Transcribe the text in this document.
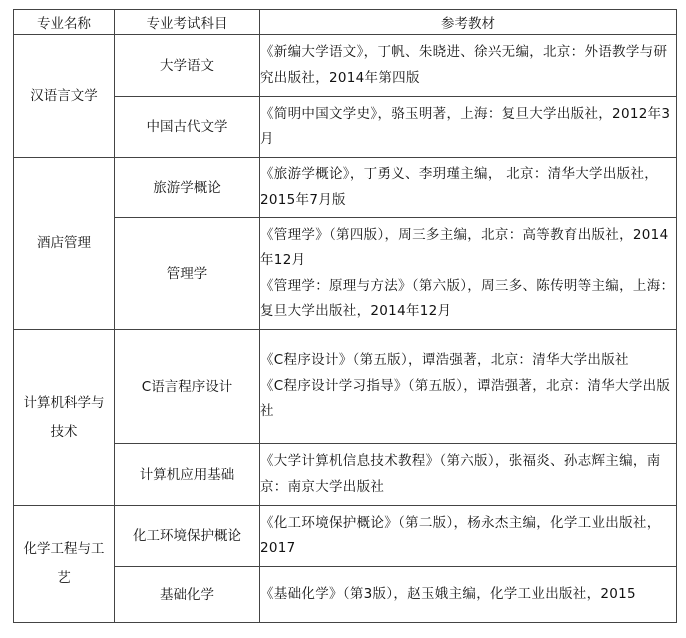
专业名称	专业考试科目	参考教材

汉语言文学	大学语文	《新编大学语文》，丁帆、朱晓进、徐兴无编，北京：外语教学与研究出版社，2014年第四版

	中国古代文学	《简明中国文学史》，骆玉明著，上海：复旦大学出版社，2012年3月

酒店管理	旅游学概论	《旅游学概论》，丁勇义、李玥瑾主编， 北京：清华大学出版社，2015年7月版

	管理学	《管理学》（第四版），周三多主编，北京：高等教育出版社，2014年12月
《管理学：原理与方法》（第六版），周三多、陈传明等主编，上海：复旦大学出版社，2014年12月

计算机科学与技术	C语言程序设计	《C程序设计》（第五版），谭浩强著，北京：清华大学出版社
《C程序设计学习指导》（第五版），谭浩强著，北京：清华大学出版社

	计算机应用基础	《大学计算机信息技术教程》（第六版），张福炎、孙志辉主编，南京：南京大学出版社

化学工程与工艺	化工环境保护概论	《化工环境保护概论》（第二版），杨永杰主编，化学工业出版社，2017

	基础化学	《基础化学》（第3版），赵玉娥主编，化学工业出版社，2015
